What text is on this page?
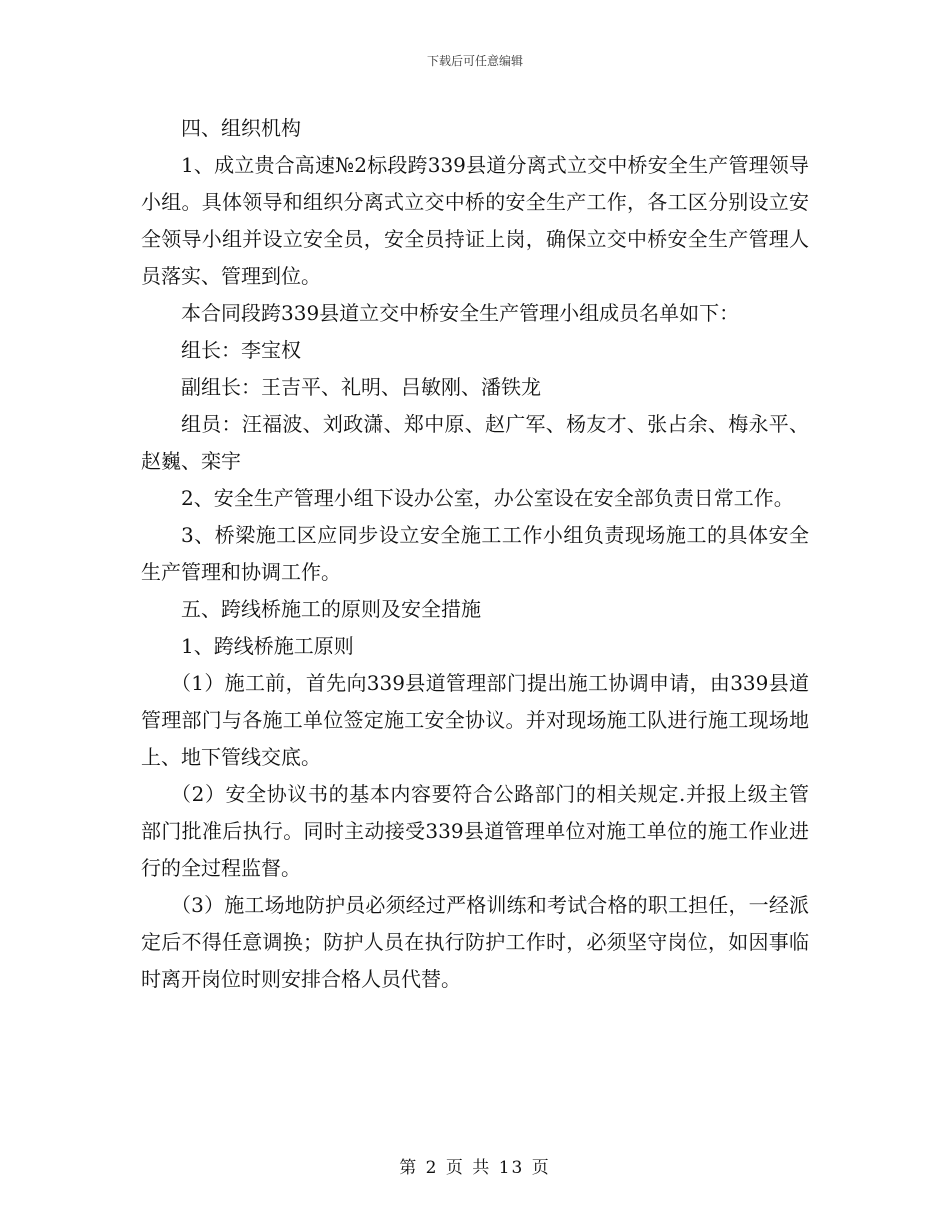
下载后可任意编辑

四、组织机构

1、成立贵合高速№2标段跨339县道分离式立交中桥安全生产管理领导小组。具体领导和组织分离式立交中桥的安全生产工作，各工区分别设立安全领导小组并设立安全员，安全员持证上岗，确保立交中桥安全生产管理人员落实、管理到位。

本合同段跨339县道立交中桥安全生产管理小组成员名单如下：

组长：李宝权

副组长：王吉平、礼明、吕敏刚、潘铁龙

组员：汪福波、刘政潇、郑中原、赵广军、杨友才、张占余、梅永平、赵巍、栾宇

2、安全生产管理小组下设办公室，办公室设在安全部负责日常工作。

3、桥梁施工区应同步设立安全施工工作小组负责现场施工的具体安全生产管理和协调工作。

五、跨线桥施工的原则及安全措施

1、跨线桥施工原则

（1）施工前，首先向339县道管理部门提出施工协调申请，由339县道管理部门与各施工单位签定施工安全协议。并对现场施工队进行施工现场地上、地下管线交底。

（2）安全协议书的基本内容要符合公路部门的相关规定.并报上级主管部门批准后执行。同时主动接受339县道管理单位对施工单位的施工作业进行的全过程监督。

（3）施工场地防护员必须经过严格训练和考试合格的职工担任，一经派定后不得任意调换；防护人员在执行防护工作时，必须坚守岗位，如因事临时离开岗位时则安排合格人员代替。

第 2 页 共 13 页
